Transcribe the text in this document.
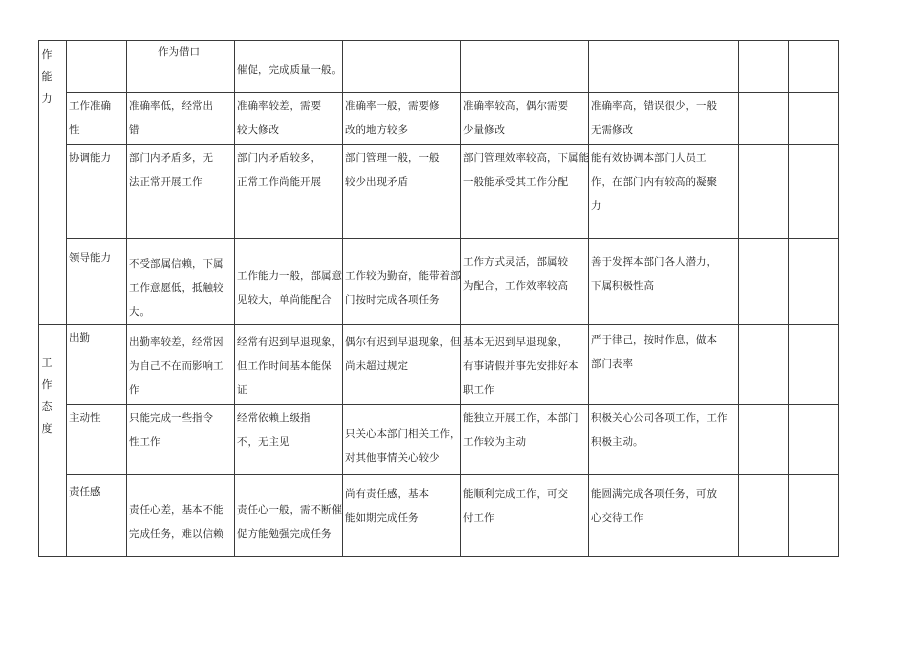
作
能
力
工
作
态
度
作为借口
催促，完成质量一般。
工作准确
性
准确率低，经常出
错
准确率较差，需要
较大修改
准确率一般，需要修
改的地方较多
准确率较高，偶尔需要
少量修改
准确率高，错误很少，一般
无需修改
协调能力 部门内矛盾多，无
法正常开展工作
部门内矛盾较多，
正常工作尚能开展
部门管理一般，一般
较少出现矛盾
部门管理效率较高，下属能
一般能承受其工作分配
能有效协调本部门人员工
作，在部门内有较高的凝聚
力
领导能力 不受部属信赖，下属
工作意愿低，抵触较
大。
工作能力一般，部属意
见较大，单尚能配合
工作较为勤奋，能带着部
门按时完成各项任务
工作方式灵活，部属较
为配合，工作效率较高
善于发挥本部门各人潜力，
下属积极性高
出勤	出勤率较差，经常因
为自己不在而影响工
作
经常有迟到早退现象，
但工作时间基本能保
证
偶尔有迟到早退现象，但
尚未超过规定
基本无迟到早退现象，
有事请假并事先安排好本
职工作
严于律己，按时作息，做本
部门表率
主动性	只能完成一些指令
性工作
经常依赖上级指
不，无主见
只关心本部门相关工作，
对其他事情关心较少
能独立开展工作，本部门
工作较为主动
积极关心公司各项工作，工作
积极主动。
责任感
责任心差，基本不能
完成任务，难以信赖
责任心一般，需不断催
促方能勉强完成任务
尚有责任感，基本
能如期完成任务
能顺利完成工作，可交
付工作
能圆满完成各项任务，可放
心交待工作
